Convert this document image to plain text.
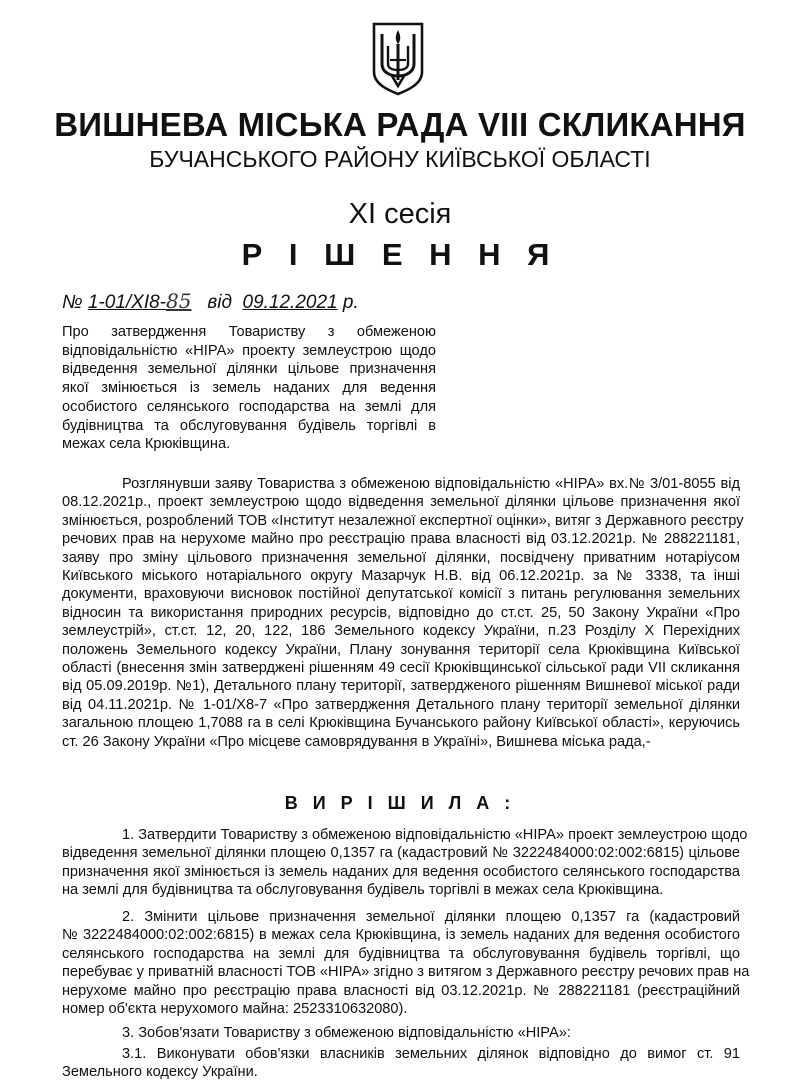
ВИШНЕВА МІСЬКА РАДА VIII СКЛИКАННЯ
БУЧАНСЬКОГО РАЙОНУ КИЇВСЬКОЇ ОБЛАСТІ
XI сесія
Р І Ш Е Н Н Я
№ 1-01/XI8-85 від 09.12.2021 р.
Про затвердження Товариству з обмеженою
відповідальністю «НІРА» проекту землеустрою щодо
відведення земельної ділянки цільове призначення
якої змінюється із земель наданих для ведення
особистого селянського господарства на землі для
будівництва та обслуговування будівель торгівлі в
межах села Крюківщина.
Розглянувши заяву Товариства з обмеженою відповідальністю «НІРА» вх.№ 3/01-8055 від
08.12.2021р., проект землеустрою щодо відведення земельної ділянки цільове призначення якої
змінюється, розроблений ТОВ «Інститут незалежної експертної оцінки», витяг з Державного реєстру
речових прав на нерухоме майно про реєстрацію права власності від 03.12.2021р. № 288221181,
заяву про зміну цільового призначення земельної ділянки, посвідчену приватним нотаріусом
Київського міського нотаріального округу Мазарчук Н.В. від 06.12.2021р. за № 3338, та інші
документи, враховуючи висновок постійної депутатської комісії з питань регулювання земельних
відносин та використання природних ресурсів, відповідно до ст.ст. 25, 50 Закону України «Про
землеустрій», ст.ст. 12, 20, 122, 186 Земельного кодексу України, п.23 Розділу Х Перехідних
положень Земельного кодексу України, Плану зонування території села Крюківщина Київської
області (внесення змін затверджені рішенням 49 сесії Крюківщинської сільської ради VII скликання
від 05.09.2019р. №1), Детального плану території, затвердженого рішенням Вишневої міської ради
від 04.11.2021р. № 1-01/X8-7 «Про затвердження Детального плану території земельної ділянки
загальною площею 1,7088 га в селі Крюківщина Бучанського району Київської області», керуючись
ст. 26 Закону України «Про місцеве самоврядування в Україні», Вишнева міська рада,-
В И Р І Ш И Л А :
1. Затвердити Товариству з обмеженою відповідальністю «НІРА» проект землеустрою щодо
відведення земельної ділянки площею 0,1357 га (кадастровий № 3222484000:02:002:6815) цільове
призначення якої змінюється із земель наданих для ведення особистого селянського господарства
на землі для будівництва та обслуговування будівель торгівлі в межах села Крюківщина.
2. Змінити цільове призначення земельної ділянки площею 0,1357 га (кадастровий
№ 3222484000:02:002:6815) в межах села Крюківщина, із земель наданих для ведення особистого
селянського господарства на землі для будівництва та обслуговування будівель торгівлі, що
перебуває у приватній власності ТОВ «НІРА» згідно з витягом з Державного реєстру речових прав на
нерухоме майно про реєстрацію права власності від 03.12.2021р. № 288221181 (реєстраційний
номер об'єкта нерухомого майна: 2523310632080).
3. Зобов'язати Товариству з обмеженою відповідальністю «НІРА»:
3.1. Виконувати обов'язки власників земельних ділянок відповідно до вимог ст. 91
Земельного кодексу України.
